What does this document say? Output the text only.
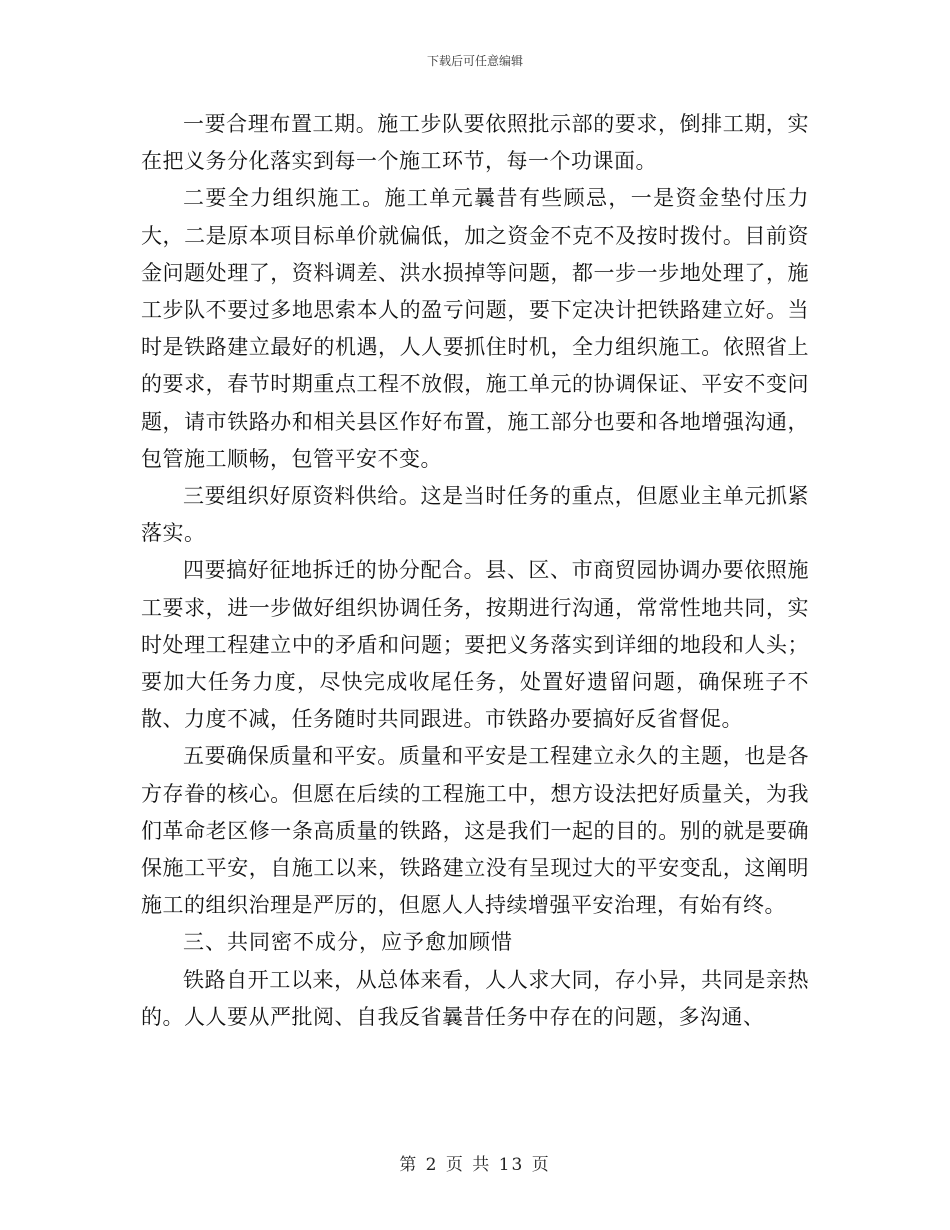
下载后可任意编辑

一要合理布置工期。施工步队要依照批示部的要求，倒排工期，实在把义务分化落实到每一个施工环节，每一个功课面。

二要全力组织施工。施工单元曩昔有些顾忌，一是资金垫付压力大，二是原本项目标单价就偏低，加之资金不克不及按时拨付。目前资金问题处理了，资料调差、洪水损掉等问题，都一步一步地处理了，施工步队不要过多地思索本人的盈亏问题，要下定决计把铁路建立好。当时是铁路建立最好的机遇，人人要抓住时机，全力组织施工。依照省上的要求，春节时期重点工程不放假，施工单元的协调保证、平安不变问题，请市铁路办和相关县区作好布置，施工部分也要和各地增强沟通，包管施工顺畅，包管平安不变。

三要组织好原资料供给。这是当时任务的重点，但愿业主单元抓紧落实。

四要搞好征地拆迁的协分配合。县、区、市商贸园协调办要依照施工要求，进一步做好组织协调任务，按期进行沟通，常常性地共同，实时处理工程建立中的矛盾和问题；要把义务落实到详细的地段和人头；要加大任务力度，尽快完成收尾任务，处置好遗留问题，确保班子不散、力度不减，任务随时共同跟进。市铁路办要搞好反省督促。

五要确保质量和平安。质量和平安是工程建立永久的主题，也是各方存眷的核心。但愿在后续的工程施工中，想方设法把好质量关，为我们革命老区修一条高质量的铁路，这是我们一起的目的。别的就是要确保施工平安，自施工以来，铁路建立没有呈现过大的平安变乱，这阐明施工的组织治理是严厉的，但愿人人持续增强平安治理，有始有终。

三、共同密不成分，应予愈加顾惜

铁路自开工以来，从总体来看，人人求大同，存小异，共同是亲热的。人人要从严批阅、自我反省曩昔任务中存在的问题，多沟通、

第 2 页 共 13 页
